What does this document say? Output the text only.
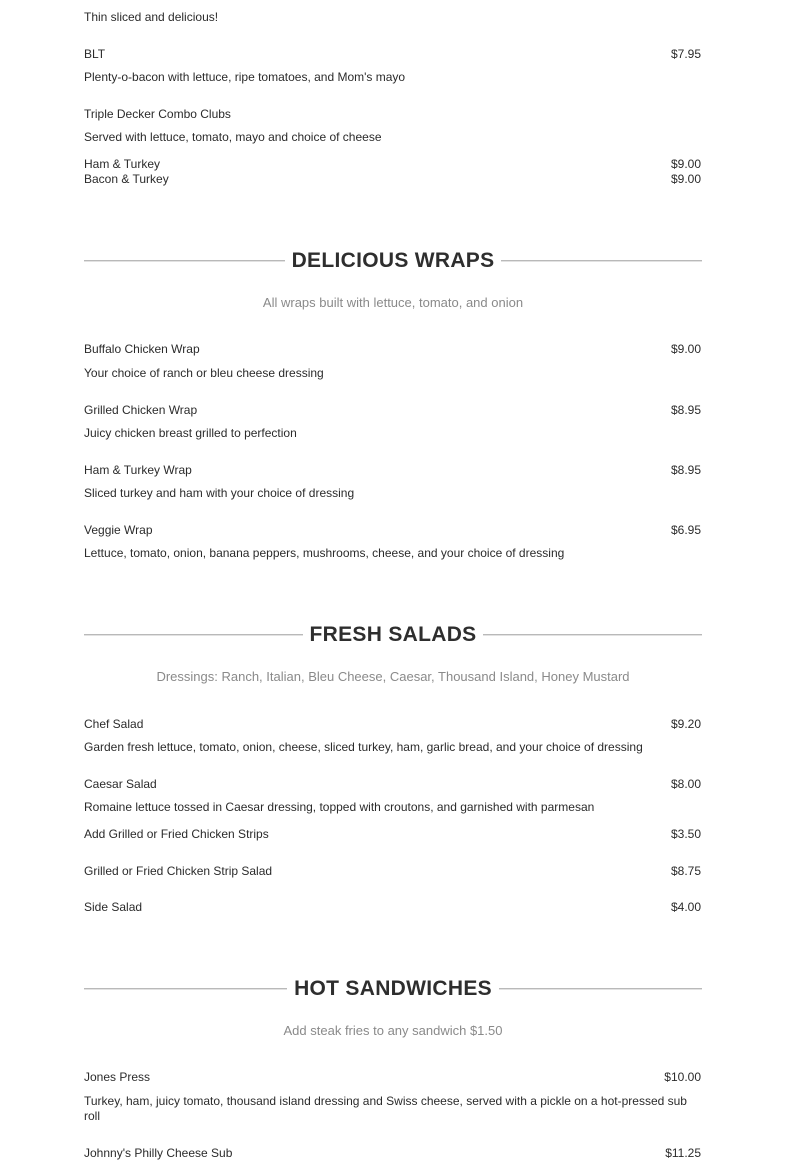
Thin sliced and delicious!
BLT	$7.95
Plenty-o-bacon with lettuce, ripe tomatoes, and Mom's mayo
Triple Decker Combo Clubs
Served with lettuce, tomato, mayo and choice of cheese
Ham & Turkey	$9.00
Bacon & Turkey	$9.00
DELICIOUS WRAPS
All wraps built with lettuce, tomato, and onion
Buffalo Chicken Wrap	$9.00
Your choice of ranch or bleu cheese dressing
Grilled Chicken Wrap	$8.95
Juicy chicken breast grilled to perfection
Ham & Turkey Wrap	$8.95
Sliced turkey and ham with your choice of dressing
Veggie Wrap	$6.95
Lettuce, tomato, onion, banana peppers, mushrooms, cheese, and your choice of dressing
FRESH SALADS
Dressings: Ranch, Italian, Bleu Cheese, Caesar, Thousand Island, Honey Mustard
Chef Salad	$9.20
Garden fresh lettuce, tomato, onion, cheese, sliced turkey, ham, garlic bread, and your choice of dressing
Caesar Salad	$8.00
Romaine lettuce tossed in Caesar dressing, topped with croutons, and garnished with parmesan
Add Grilled or Fried Chicken Strips	$3.50
Grilled or Fried Chicken Strip Salad	$8.75
Side Salad	$4.00
HOT SANDWICHES
Add steak fries to any sandwich $1.50
Jones Press	$10.00
Turkey, ham, juicy tomato, thousand island dressing and Swiss cheese, served with a pickle on a hot-pressed sub roll
Johnny's Philly Cheese Sub	$11.25
